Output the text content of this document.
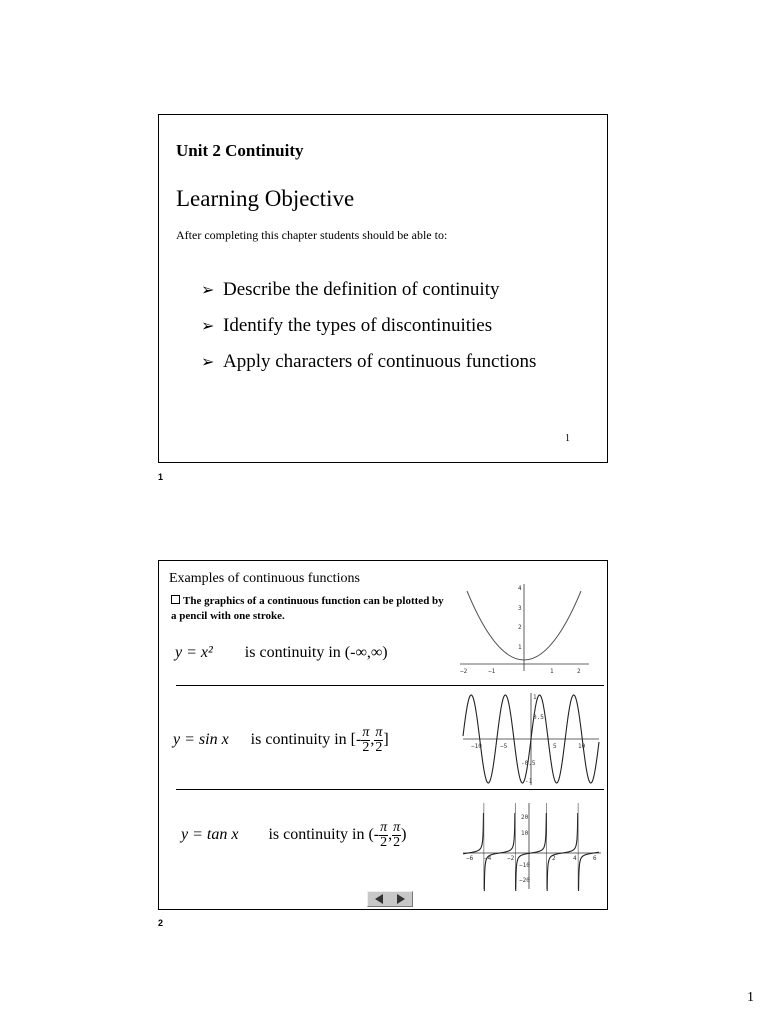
Unit 2 Continuity
Learning Objective
After completing this chapter students should be able to:
➢ Describe the definition of continuity
➢ Identify the types of discontinuities
➢ Apply characters of continuous functions
1
1
Examples of continuous functions
The graphics of a continuous function can be plotted by a pencil with one stroke.
y = x² is continuity in (-∞,∞)
−2	−1	1	2
1
2
3
4
y = sin x is continuity in [- $\frac{\pi}{2}$ , $\frac{\pi}{2}$ ]	−10	−5	5	10
1
0.5
-0.5
-1
y = tan x is continuity in (- $\frac{\pi}{2}$ , $\frac{\pi}{2}$ )
−6 −4	−2	2	4	6
20
10
−10
−20
2
1
